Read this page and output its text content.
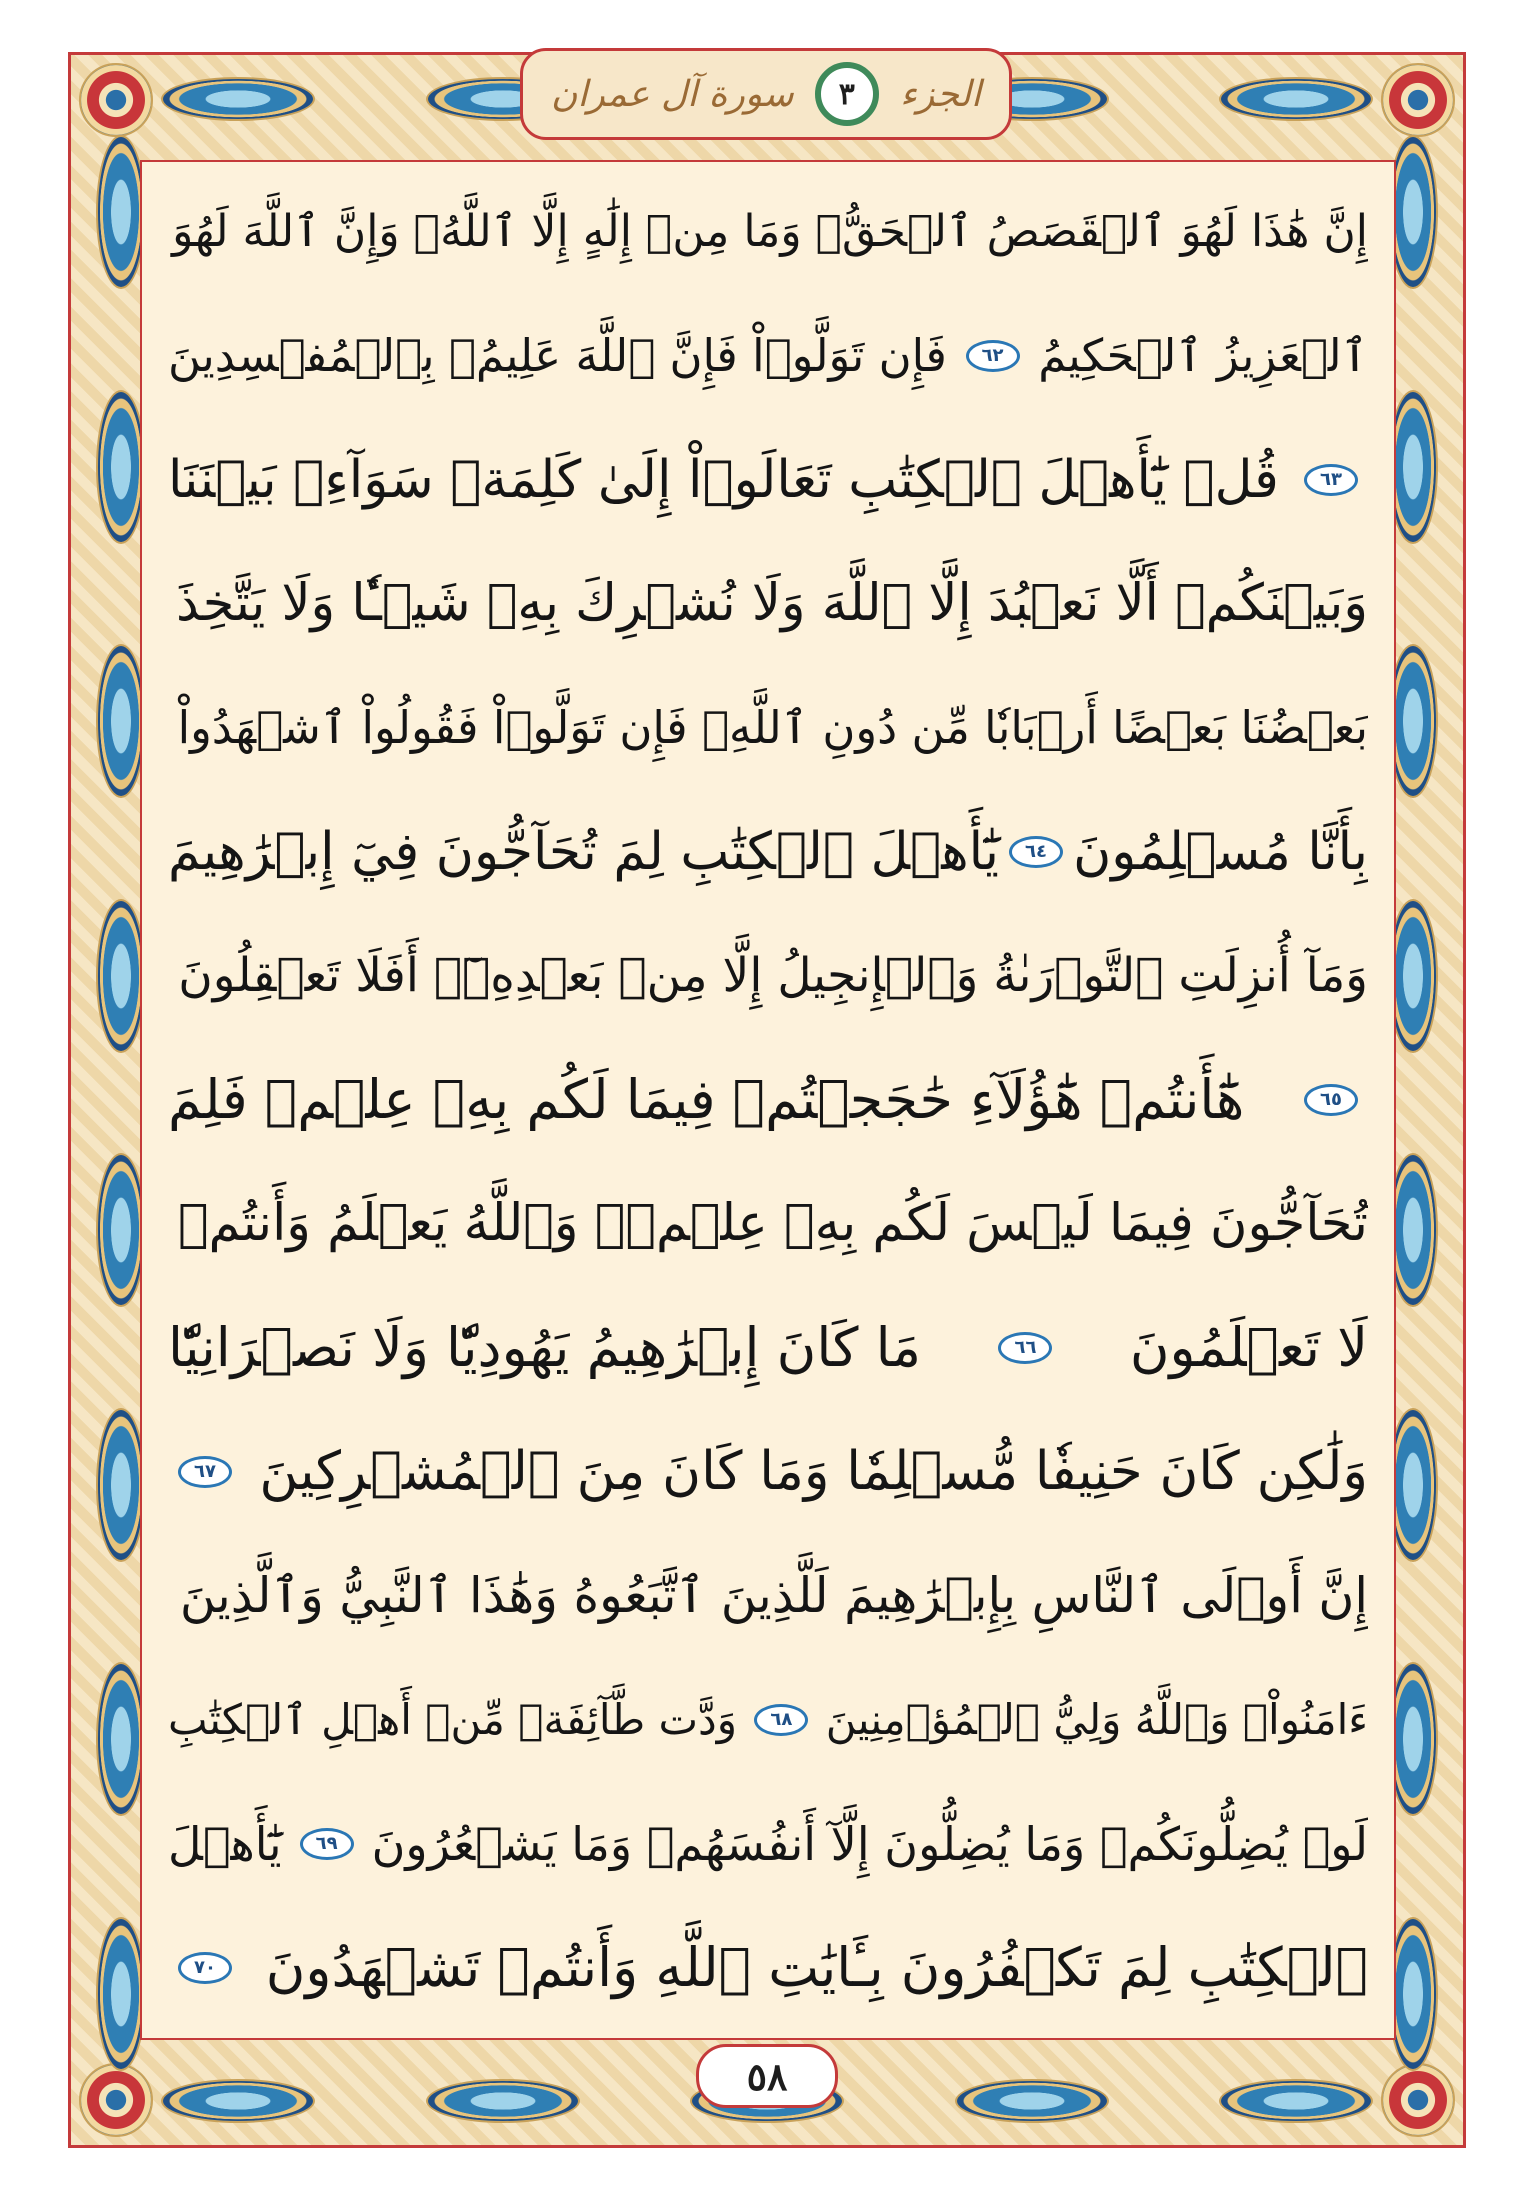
الجزء
٣
سورة آل عمران
إِنَّ هَٰذَا لَهُوَ ٱلۡقَصَصُ ٱلۡحَقُّۚ وَمَا مِنۡ إِلَٰهٍ إِلَّا ٱللَّهُۚ وَإِنَّ ٱللَّهَ لَهُوَ
ٱلۡعَزِيزُ ٱلۡحَكِيمُ
٦٢
فَإِن تَوَلَّوۡاْ فَإِنَّ ٱللَّهَ عَلِيمُۢ بِٱلۡمُفۡسِدِينَ
٦٣
قُلۡ يَٰٓأَهۡلَ ٱلۡكِتَٰبِ تَعَالَوۡاْ إِلَىٰ كَلِمَةٖ سَوَآءِۭ بَيۡنَنَا
وَبَيۡنَكُمۡ أَلَّا نَعۡبُدَ إِلَّا ٱللَّهَ وَلَا نُشۡرِكَ بِهِۦ شَيۡـٔٗا وَلَا يَتَّخِذَ
بَعۡضُنَا بَعۡضًا أَرۡبَابٗا مِّن دُونِ ٱللَّهِۚ فَإِن تَوَلَّوۡاْ فَقُولُواْ ٱشۡهَدُواْ
بِأَنَّا مُسۡلِمُونَ
٦٤
يَٰٓأَهۡلَ ٱلۡكِتَٰبِ لِمَ تُحَآجُّونَ فِيٓ إِبۡرَٰهِيمَ
وَمَآ أُنزِلَتِ ٱلتَّوۡرَىٰةُ وَٱلۡإِنجِيلُ إِلَّا مِنۢ بَعۡدِهِۦٓۚ أَفَلَا تَعۡقِلُونَ
٦٥
هَٰٓأَنتُمۡ هَٰٓؤُلَآءِ حَٰجَجۡتُمۡ فِيمَا لَكُم بِهِۦ عِلۡمٞ فَلِمَ
تُحَآجُّونَ فِيمَا لَيۡسَ لَكُم بِهِۦ عِلۡمٞۚ وَٱللَّهُ يَعۡلَمُ وَأَنتُمۡ
لَا تَعۡلَمُونَ
٦٦
مَا كَانَ إِبۡرَٰهِيمُ يَهُودِيّٗا وَلَا نَصۡرَانِيّٗا
وَلَٰكِن كَانَ حَنِيفٗا مُّسۡلِمٗا وَمَا كَانَ مِنَ ٱلۡمُشۡرِكِينَ
٦٧
إِنَّ أَوۡلَى ٱلنَّاسِ بِإِبۡرَٰهِيمَ لَلَّذِينَ ٱتَّبَعُوهُ وَهَٰذَا ٱلنَّبِيُّ وَٱلَّذِينَ
ءَامَنُواْۗ وَٱللَّهُ وَلِيُّ ٱلۡمُؤۡمِنِينَ
٦٨
وَدَّت طَّآئِفَةٞ مِّنۡ أَهۡلِ ٱلۡكِتَٰبِ
لَوۡ يُضِلُّونَكُمۡ وَمَا يُضِلُّونَ إِلَّآ أَنفُسَهُمۡ وَمَا يَشۡعُرُونَ
٦٩
يَٰٓأَهۡلَ
ٱلۡكِتَٰبِ لِمَ تَكۡفُرُونَ بِـَٔايَٰتِ ٱللَّهِ وَأَنتُمۡ تَشۡهَدُونَ
٧٠
٥٨
